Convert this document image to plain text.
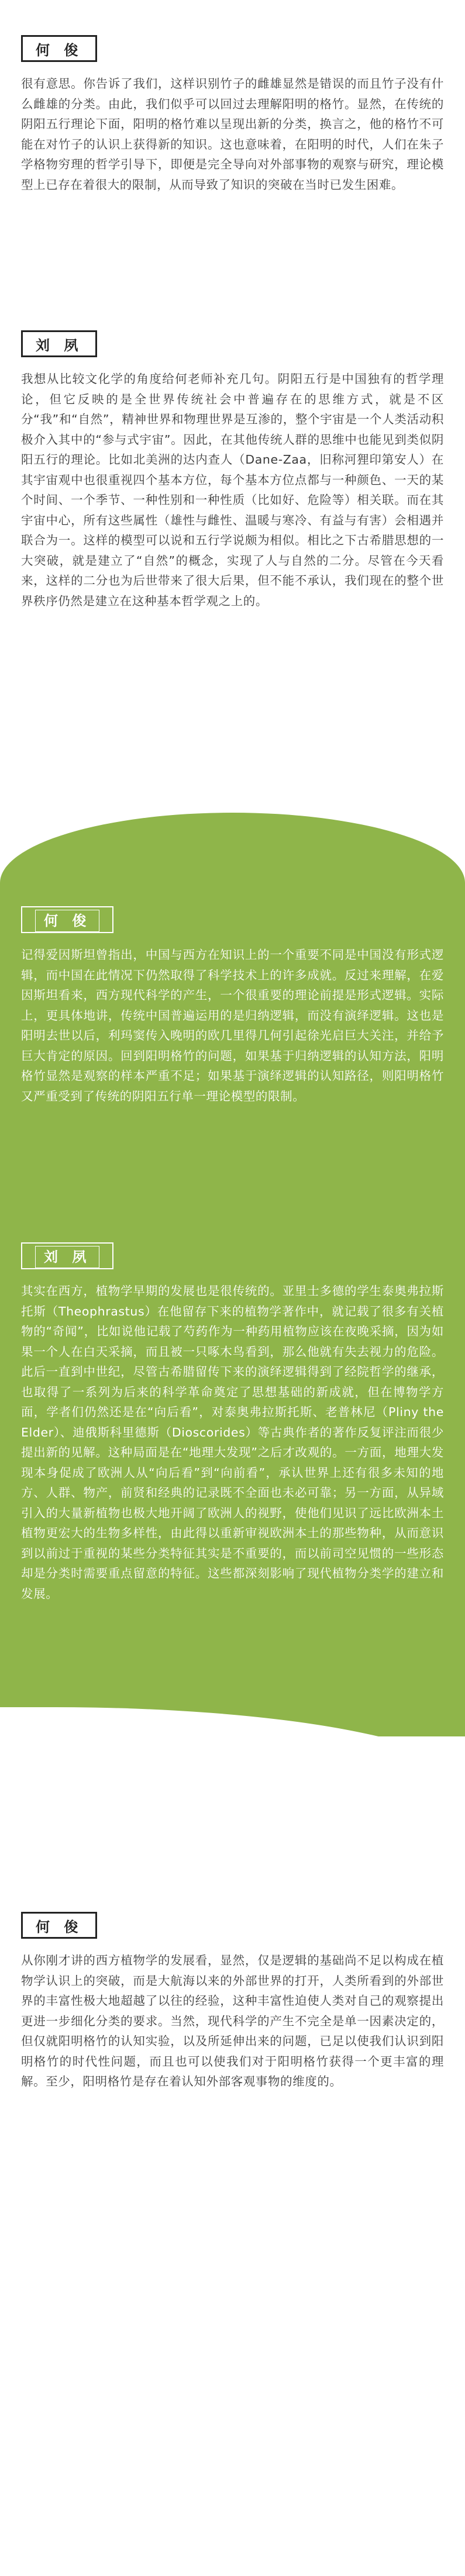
何 俊
很有意思。你告诉了我们，这样识别竹子的雌雄显然是错误的而且竹子没有什么雌雄的分类。由此，我们似乎可以回过去理解阳明的格竹。显然，在传统的阴阳五行理论下面，阳明的格竹难以呈现出新的分类，换言之，他的格竹不可能在对竹子的认识上获得新的知识。这也意味着，在阳明的时代，人们在朱子学格物穷理的哲学引导下，即便是完全导向对外部事物的观察与研究，理论模型上已存在着很大的限制，从而导致了知识的突破在当时已发生困难。
刘 夙
我想从比较文化学的角度给何老师补充几句。阴阳五行是中国独有的哲学理论，但它反映的是全世界传统社会中普遍存在的思维方式，就是不区分“我”和“自然”，精神世界和物理世界是互渗的，整个宇宙是一个人类活动积极介入其中的“参与式宇宙”。因此，在其他传统人群的思维中也能见到类似阴阳五行的理论。比如北美洲的达内查人（Dane-Zaa，旧称河狸印第安人）在其宇宙观中也很重视四个基本方位，每个基本方位点都与一种颜色、一天的某个时间、一个季节、一种性别和一种性质（比如好、危险等）相关联。而在其宇宙中心，所有这些属性（雄性与雌性、温暖与寒冷、有益与有害）会相遇并联合为一。这样的模型可以说和五行学说颇为相似。相比之下古希腊思想的一大突破，就是建立了“自然”的概念，实现了人与自然的二分。尽管在今天看来，这样的二分也为后世带来了很大后果，但不能不承认，我们现在的整个世界秩序仍然是建立在这种基本哲学观之上的。
何 俊
记得爱因斯坦曾指出，中国与西方在知识上的一个重要不同是中国没有形式逻辑，而中国在此情况下仍然取得了科学技术上的许多成就。反过来理解，在爱因斯坦看来，西方现代科学的产生，一个很重要的理论前提是形式逻辑。实际上，更具体地讲，传统中国普遍运用的是归纳逻辑，而没有演绎逻辑。这也是阳明去世以后，利玛窦传入晚明的欧几里得几何引起徐光启巨大关注，并给予巨大肯定的原因。回到阳明格竹的问题，如果基于归纳逻辑的认知方法，阳明格竹显然是观察的样本严重不足；如果基于演绎逻辑的认知路径，则阳明格竹又严重受到了传统的阴阳五行单一理论模型的限制。
刘 夙
其实在西方，植物学早期的发展也是很传统的。亚里士多德的学生泰奥弗拉斯托斯（Theophrastus）在他留存下来的植物学著作中，就记载了很多有关植物的“奇闻”，比如说他记载了芍药作为一种药用植物应该在夜晚采摘，因为如果一个人在白天采摘，而且被一只啄木鸟看到，那么他就有失去视力的危险。此后一直到中世纪，尽管古希腊留传下来的演绎逻辑得到了经院哲学的继承，也取得了一系列为后来的科学革命奠定了思想基础的新成就，但在博物学方面，学者们仍然还是在“向后看”，对泰奥弗拉斯托斯、老普林尼（Pliny the Elder）、迪俄斯科里德斯（Dioscorides）等古典作者的著作反复评注而很少提出新的见解。这种局面是在“地理大发现”之后才改观的。一方面，地理大发现本身促成了欧洲人从“向后看”到“向前看”，承认世界上还有很多未知的地方、人群、物产，前贤和经典的记录既不全面也未必可靠；另一方面，从异域引入的大量新植物也极大地开阔了欧洲人的视野，使他们见识了远比欧洲本土植物更宏大的生物多样性，由此得以重新审视欧洲本土的那些物种，从而意识到以前过于重视的某些分类特征其实是不重要的，而以前司空见惯的一些形态却是分类时需要重点留意的特征。这些都深刻影响了现代植物分类学的建立和发展。
何 俊
从你刚才讲的西方植物学的发展看，显然，仅是逻辑的基础尚不足以构成在植物学认识上的突破，而是大航海以来的外部世界的打开，人类所看到的外部世界的丰富性极大地超越了以往的经验，这种丰富性迫使人类对自己的观察提出更进一步细化分类的要求。当然，现代科学的产生不完全是单一因素决定的，但仅就阳明格竹的认知实验，以及所延伸出来的问题，已足以使我们认识到阳明格竹的时代性问题，而且也可以使我们对于阳明格竹获得一个更丰富的理解。至少，阳明格竹是存在着认知外部客观事物的维度的。
